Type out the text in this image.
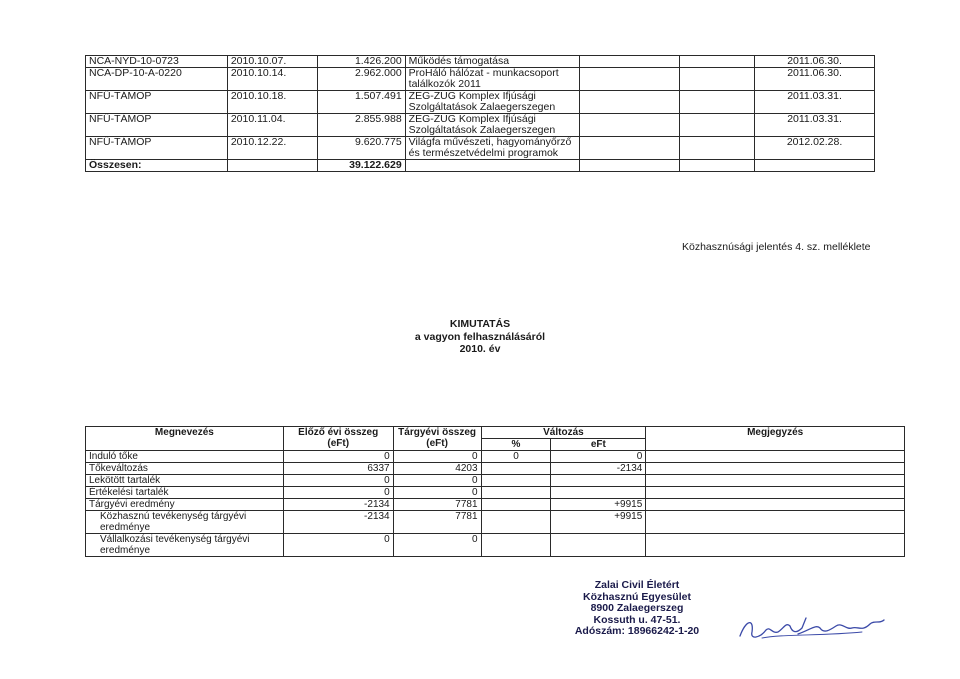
NCA-NYD-10-0723	2010.10.07.	1.426.200	Működés támogatása			2011.06.30.
NCA-DP-10-A-0220	2010.10.14.	2.962.000	ProHáló hálózat - munkacsoport találkozók 2011			2011.06.30.
NFÜ-TÁMOP	2010.10.18.	1.507.491	ZEG-ZUG Komplex Ifjúsági Szolgáltatások Zalaegerszegen			2011.03.31.
NFÜ-TÁMOP	2010.11.04.	2.855.988	ZEG-ZUG Komplex Ifjúsági Szolgáltatások Zalaegerszegen			2011.03.31.
NFÜ-TÁMOP	2010.12.22.	9.620.775	Világfa művészeti, hagyományőrző és természetvédelmi programok			2012.02.28.
Összesen:		39.122.629				
Közhasznúsági jelentés 4. sz. melléklete
KIMUTATÁS
a vagyon felhasználásáról
2010. év
Megnevezés	Előző évi összeg (eFt)	Tárgyévi összeg (eFt)	Változás		Megjegyzés
			%	eFt	
Induló tőke	0	0	0	0	
Tőkeváltozás	6337	4203		-2134	
Lekötött tartalék	0	0			
Értékelési tartalék	0	0			
Tárgyévi eredmény	-2134	7781		+9915	
Közhasznú tevékenység tárgyévi eredménye	-2134	7781		+9915	
Vállalkozási tevékenység tárgyévi eredménye	0	0			
Zalai Civil Életért
Közhasznú Egyesület
8900 Zalaegerszeg
Kossuth u. 47-51.
Adószám: 18966242-1-20
